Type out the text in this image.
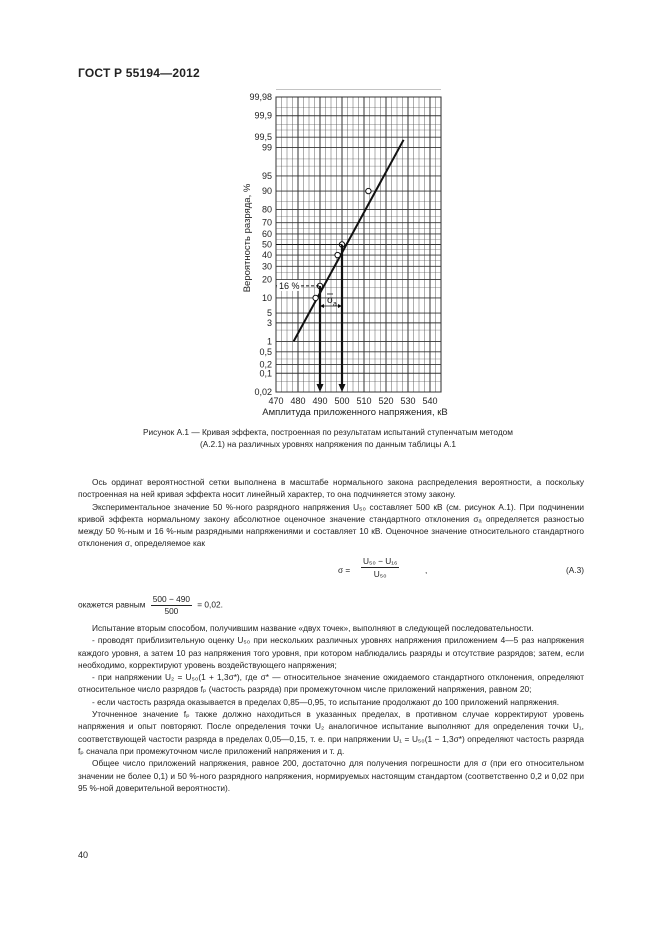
ГОСТ Р 55194—2012
99,98
99,9
99,5
99
95
90
80
70
60
50
40
30
20
10
5
3
1
0,5
0,2
0,1
0,02
470 480 490 500 510 520 530 540
16 %
σ a
Амплитуда приложенного напряжения, кВ
Вероятность разряда, %
Рисунок А.1 — Кривая эффекта, построенная по результатам испытаний ступенчатым методом
(А.2.1) на различных уровнях напряжения по данным таблицы А.1

Ось ординат вероятностной сетки выполнена в масштабе нормального закона распределения вероятности, а поскольку построенная на ней кривая эффекта носит линейный характер, то она подчиняется этому закону.

Экспериментальное значение 50 %-ного разрядного напряжения U₅₀ составляет 500 кВ (см. рисунок А.1). При подчинении кривой эффекта нормальному закону абсолютное оценочное значение стандартного отклонения σₐ определяется разностью между 50 %-ным и 16 %-ным разрядными напряжениями и составляет 10 кВ. Оценочное значение относительного стандартного отклонения σ, определяемое как

$\sigma = \frac{\text{U₅₀ − U₁₆}}{\text{U₅₀}}$	,	(А.3)

окажется равным $\frac{500 - 490}{500} = 0,02$.

Испытание вторым способом, получившим название «двух точек», выполняют в следующей последовательности.

- проводят приблизительную оценку U₅₀ при нескольких различных уровнях напряжения приложением 4—5 раз напряжения каждого уровня, а затем 10 раз напряжения того уровня, при котором наблюдались разряды и отсутствие разрядов; затем, если необходимо, корректируют уровень воздействующего напряжения;

- при напряжении U₂ = U₅₀(1 + 1,3σ*), где σ* — относительное значение ожидаемого стандартного отклонения, определяют относительное число разрядов fₚ (частость разряда) при промежуточном числе приложений напряжения, равном 20;

- если частость разряда оказывается в пределах 0,85—0,95, то испытание продолжают до 100 приложений напряжения.

Уточненное значение fₚ также должно находиться в указанных пределах, в противном случае корректируют уровень напряжения и опыт повторяют. После определения точки U₂ аналогичное испытание выполняют для определения точки U₁, соответствующей частости разряда в пределах 0,05—0,15, т. е. при напряжении U₁ = U₅₀(1 − 1,3σ*) определяют частость разряда fₚ сначала при промежуточном числе приложений напряжения и т. д.

Общее число приложений напряжения, равное 200, достаточно для получения погрешности для σ (при его относительном значении не более 0,1) и 50 %-ного разрядного напряжения, нормируемых настоящим стандартом (соответственно 0,2 и 0,02 при 95 %-ной доверительной вероятности).

40
